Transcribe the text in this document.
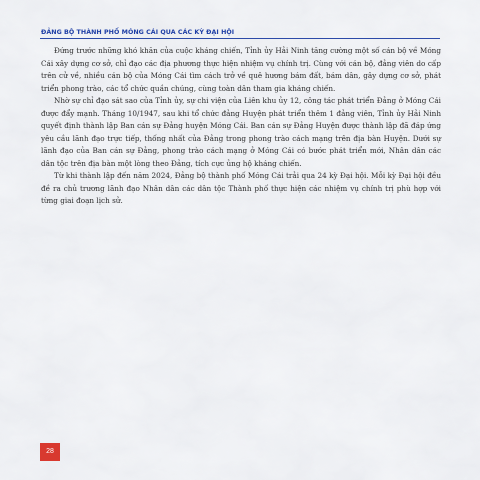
ĐẢNG BỘ THÀNH PHỐ MÓNG CÁI QUA CÁC KỲ ĐẠI HỘI

Đứng trước những khó khăn của cuộc kháng chiến, Tỉnh ủy Hải Ninh tăng cường một số cán bộ về Móng Cái xây dựng cơ sở, chỉ đạo các địa phương thực hiện nhiệm vụ chính trị. Cùng với cán bộ, đảng viên do cấp trên cử về, nhiều cán bộ của Móng Cái tìm cách trở về quê hương bám đất, bám dân, gây dựng cơ sở, phát triển phong trào, các tổ chức quần chúng, cùng toàn dân tham gia kháng chiến.

Nhờ sự chỉ đạo sát sao của Tỉnh ủy, sự chi viện của Liên khu ủy 12, công tác phát triển Đảng ở Móng Cái được đẩy mạnh. Tháng 10/1947, sau khi tổ chức đảng Huyện phát triển thêm 1 đảng viên, Tỉnh ủy Hải Ninh quyết định thành lập Ban cán sự Đảng huyện Móng Cái. Ban cán sự Đảng Huyện được thành lập đã đáp ứng yêu cầu lãnh đạo trực tiếp, thống nhất của Đảng trong phong trào cách mạng trên địa bàn Huyện. Dưới sự lãnh đạo của Ban cán sự Đảng, phong trào cách mạng ở Móng Cái có bước phát triển mới, Nhân dân các dân tộc trên địa bàn một lòng theo Đảng, tích cực ủng hộ kháng chiến.

Từ khi thành lập đến năm 2024, Đảng bộ thành phố Móng Cái trải qua 24 kỳ Đại hội. Mỗi kỳ Đại hội đều đề ra chủ trương lãnh đạo Nhân dân các dân tộc Thành phố thực hiện các nhiệm vụ chính trị phù hợp với từng giai đoạn lịch sử.

28
